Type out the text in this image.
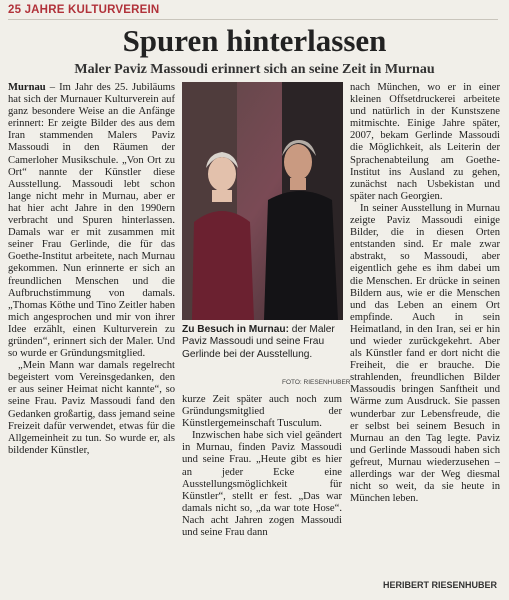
25 JAHRE KULTURVEREIN
Spuren hinterlassen
Maler Paviz Massoudi erinnert sich an seine Zeit in Murnau

Murnau – Im Jahr des 25. Jubiläums hat sich der Murnauer Kulturverein auf ganz besondere Weise an die Anfänge erinnert: Er zeigte Bilder des aus dem Iran stammenden Malers Paviz Massoudi in den Räumen der Camerloher Musikschule. „Von Ort zu Ort“ nannte der Künstler diese Ausstellung. Massoudi lebt schon lange nicht mehr in Murnau, aber er hat hier acht Jahre in den 1990ern verbracht und Spuren hinterlassen. Damals war er mit zusammen mit seiner Frau Gerlinde, die für das Goethe-Institut arbeitete, nach Murnau gekommen. Nun erinnerte er sich an freundlichen Menschen und die Aufbruchstimmung von damals. „Thomas Köthe und Tino Zeitler haben mich angesprochen und mir von ihrer Idee erzählt, einen Kulturverein zu gründen“, erinnert sich der Maler. Und so wurde er Gründungsmitglied.

„Mein Mann war damals regelrecht begeistert vom Vereinsgedanken, den er aus seiner Heimat nicht kannte“, so seine Frau. Paviz Massoudi fand den Gedanken großartig, dass jemand seine Freizeit dafür verwendet, etwas für die Allgemeinheit zu tun. So wurde er, als bildender Künstler,

Zu Besuch in Murnau: der Maler Paviz Massoudi und seine Frau Gerlinde bei der Ausstellung.
FOTO: RIESENHUBER

kurze Zeit später auch noch zum Gründungsmitglied der Künstlergemeinschaft Tusculum.

Inzwischen habe sich viel geändert in Murnau, finden Paviz Massoudi und seine Frau. „Heute gibt es hier an jeder Ecke eine Ausstellungsmöglichkeit für Künstler“, stellt er fest. „Das war damals nicht so, „da war tote Hose“. Nach acht Jahren zogen Massoudi und seine Frau dann

nach München, wo er in einer kleinen Offsetdruckerei arbeitete und natürlich in der Kunstszene mitmischte. Einige Jahre später, 2007, bekam Gerlinde Massoudi die Möglichkeit, als Leiterin der Sprachenabteilung am Goethe-Institut ins Ausland zu gehen, zunächst nach Usbekistan und später nach Georgien.

In seiner Ausstellung in Murnau zeigte Paviz Massoudi einige Bilder, die in diesen Orten entstanden sind. Er male zwar abstrakt, so Massoudi, aber eigentlich gehe es ihm dabei um die Menschen. Er drücke in seinen Bildern aus, wie er die Menschen und das Leben an einem Ort empfinde. Auch in sein Heimatland, in den Iran, sei er hin und wieder zurückgekehrt. Aber als Künstler fand er dort nicht die Freiheit, die er brauche. Die strahlenden, freundlichen Bilder Massoudis bringen Sanftheit und Wärme zum Ausdruck. Sie passen wunderbar zur Lebensfreude, die er selbst bei seinem Besuch in Murnau an den Tag legte. Paviz und Gerlinde Massoudi haben sich gefreut, Murnau wiederzusehen – allerdings war der Weg diesmal nicht so weit, da sie heute in München leben.

HERIBERT RIESENHUBER
